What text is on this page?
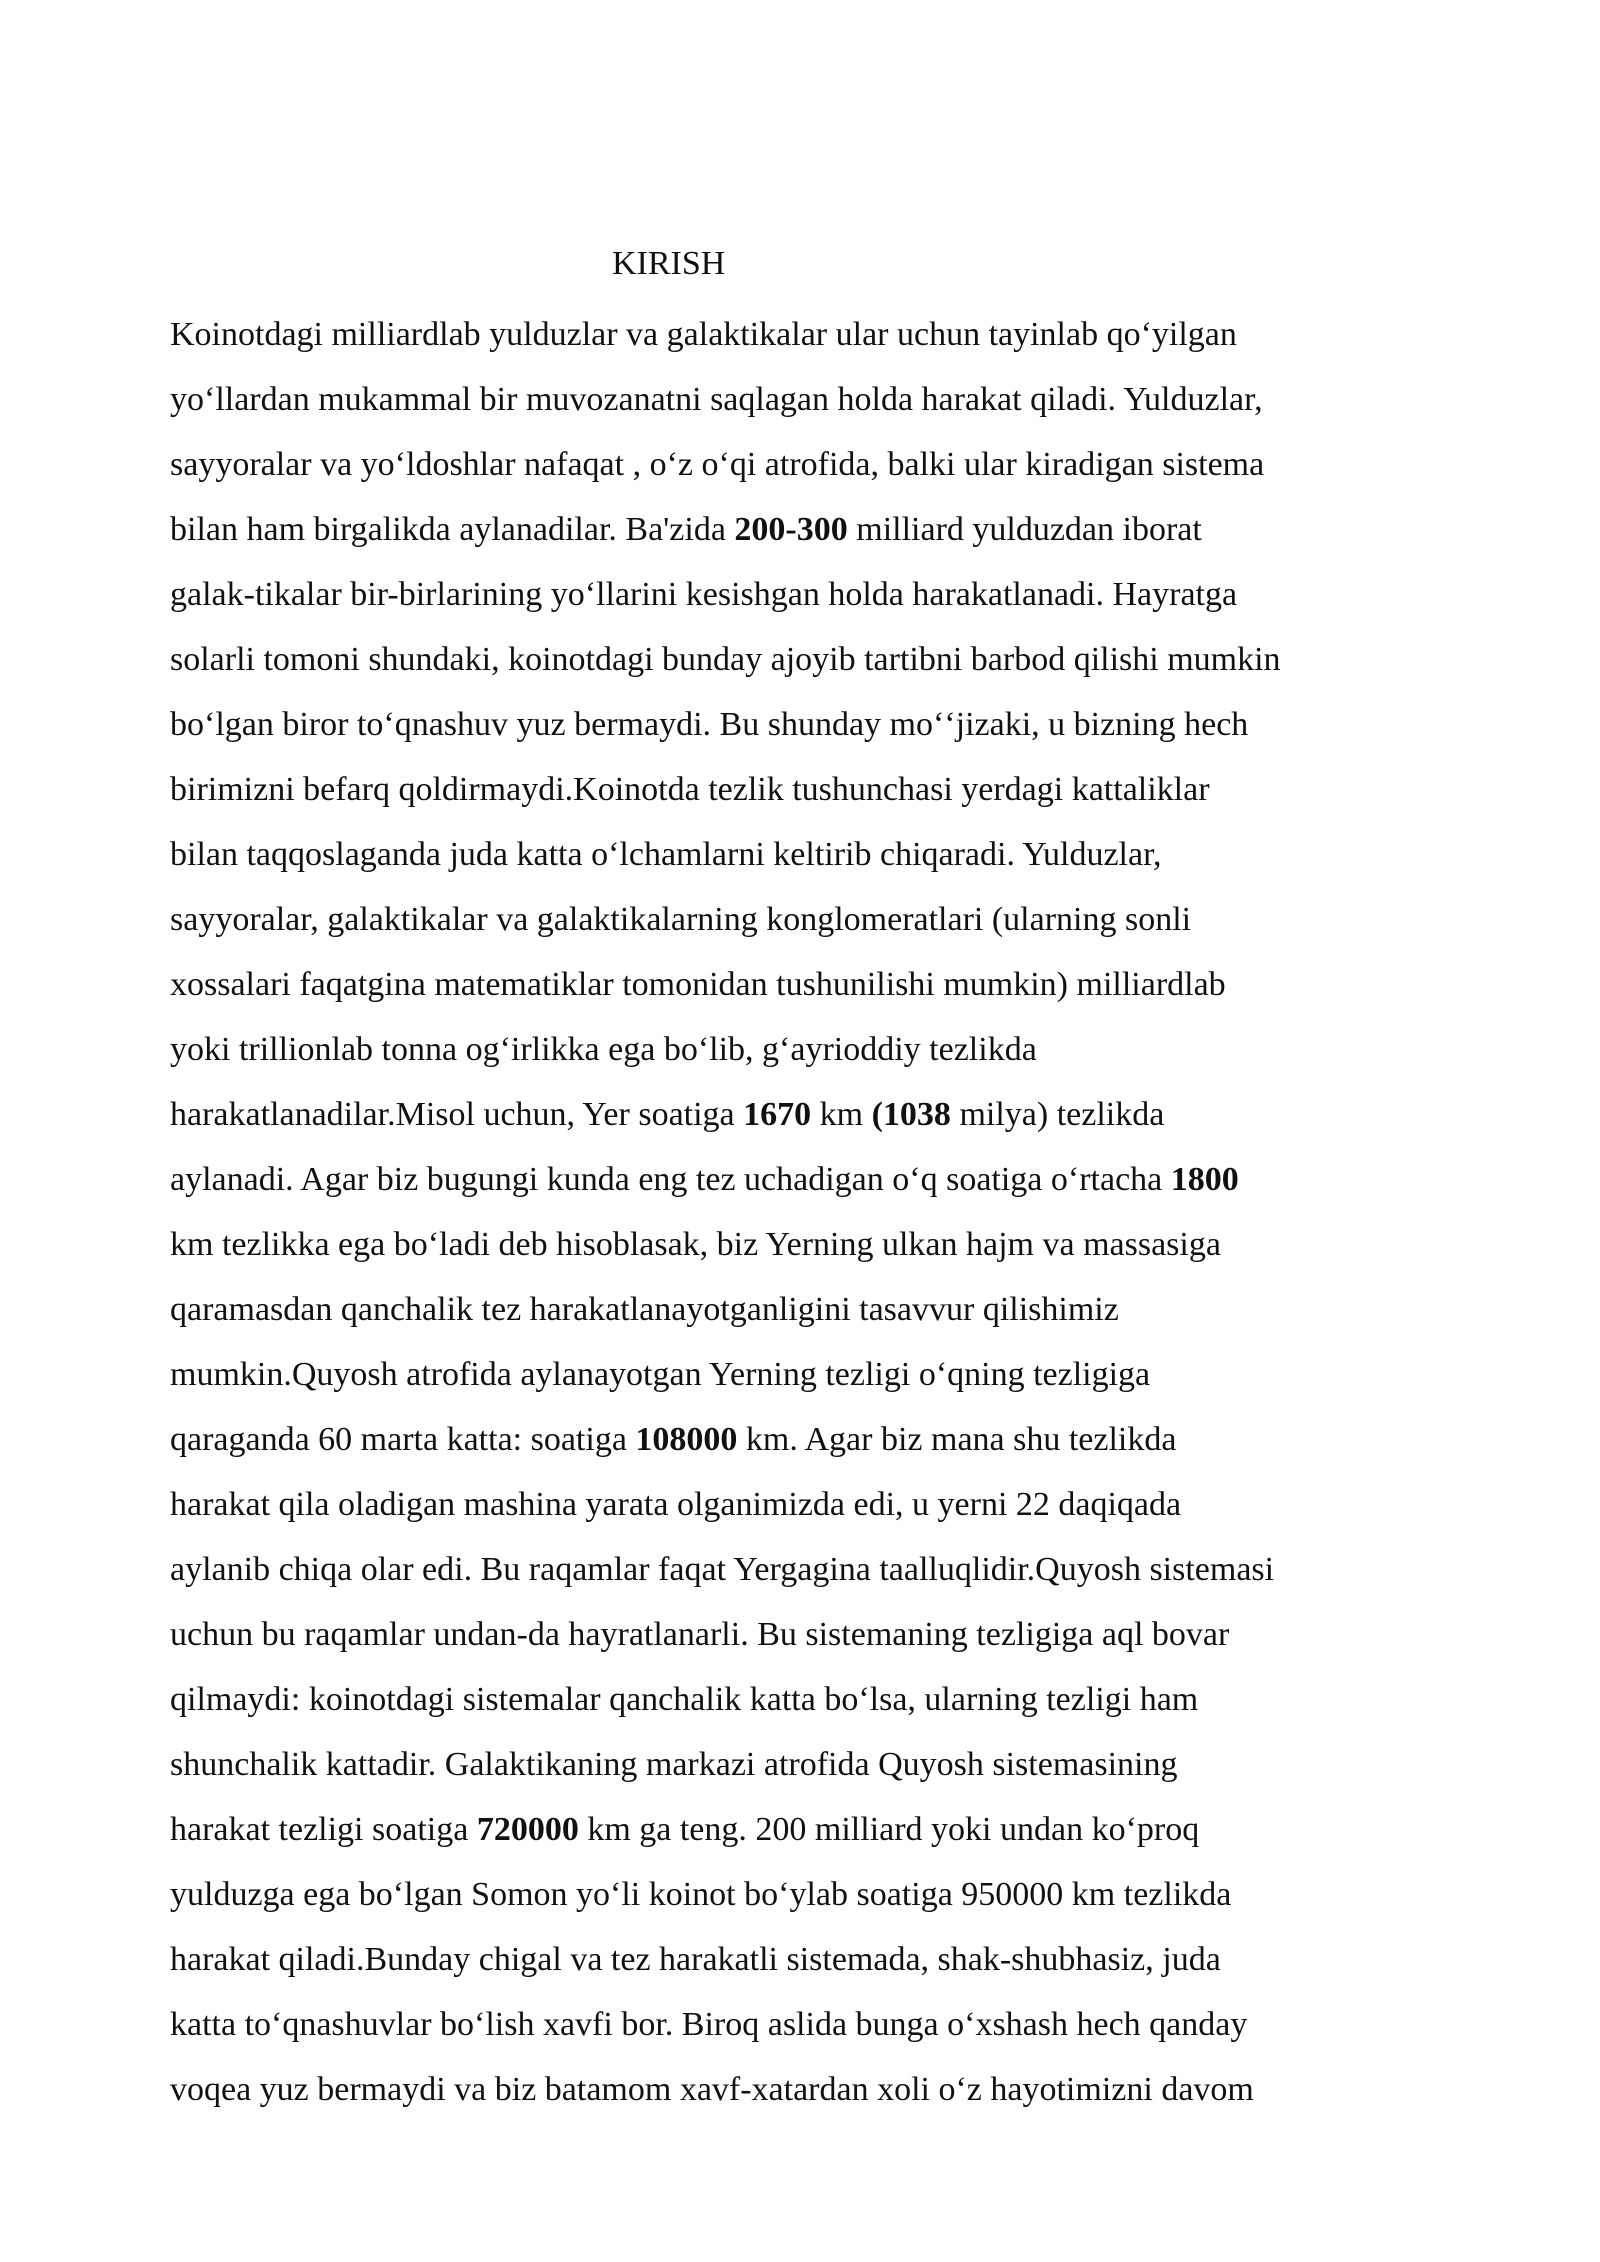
KIRISH
Koinotdagi milliardlab yulduzlar va galaktikalar ular uchun tayinlab qoʻyilgan
yoʻllardan mukammal bir muvozanatni saqlagan holda harakat qiladi. Yulduzlar,
sayyoralar va yoʻldoshlar nafaqat , oʻz oʻqi atrofida, balki ular kiradigan sistema
bilan ham birgalikda aylanadilar. Ba'zida 200-300 milliard yulduzdan iborat
galak-tikalar bir-birlarining yoʻllarini kesishgan holda harakatlanadi. Hayratga
solarli tomoni shundaki, koinotdagi bunday ajoyib tartibni barbod qilishi mumkin
boʻlgan biror toʻqnashuv yuz bermaydi. Bu shunday moʻʻjizaki, u bizning hech
birimizni befarq qoldirmaydi.Koinotda tezlik tushunchasi yerdagi kattaliklar
bilan taqqoslaganda juda katta oʻlchamlarni keltirib chiqaradi. Yulduzlar,
sayyoralar, galaktikalar va galaktikalarning konglomeratlari (ularning sonli
xossalari faqatgina matematiklar tomonidan tushunilishi mumkin) milliardlab
yoki trillionlab tonna ogʻirlikka ega boʻlib, gʻayrioddiy tezlikda
harakatlanadilar.Misol uchun, Yer soatiga 1670 km (1038 milya) tezlikda
aylanadi. Agar biz bugungi kunda eng tez uchadigan oʻq soatiga oʻrtacha 1800
km tezlikka ega boʻladi deb hisoblasak, biz Yerning ulkan hajm va massasiga
qaramasdan qanchalik tez harakatlanayotganligini tasavvur qilishimiz
mumkin.Quyosh atrofida aylanayotgan Yerning tezligi oʻqning tezligiga
qaraganda 60 marta katta: soatiga 108000 km. Agar biz mana shu tezlikda
harakat qila oladigan mashina yarata olganimizda edi, u yerni 22 daqiqada
aylanib chiqa olar edi. Bu raqamlar faqat Yergagina taalluqlidir.Quyosh sistemasi
uchun bu raqamlar undan-da hayratlanarli. Bu sistemaning tezligiga aql bovar
qilmaydi: koinotdagi sistemalar qanchalik katta boʻlsa, ularning tezligi ham
shunchalik kattadir. Galaktikaning markazi atrofida Quyosh sistemasining
harakat tezligi soatiga 720000 km ga teng. 200 milliard yoki undan koʻproq
yulduzga ega boʻlgan Somon yoʻli koinot boʻylab soatiga 950000 km tezlikda
harakat qiladi.Bunday chigal va tez harakatli sistemada, shak-shubhasiz, juda
katta toʻqnashuvlar boʻlish xavfi bor. Biroq aslida bunga oʻxshash hech qanday
voqea yuz bermaydi va biz batamom xavf-xatardan xoli oʻz hayotimizni davom
